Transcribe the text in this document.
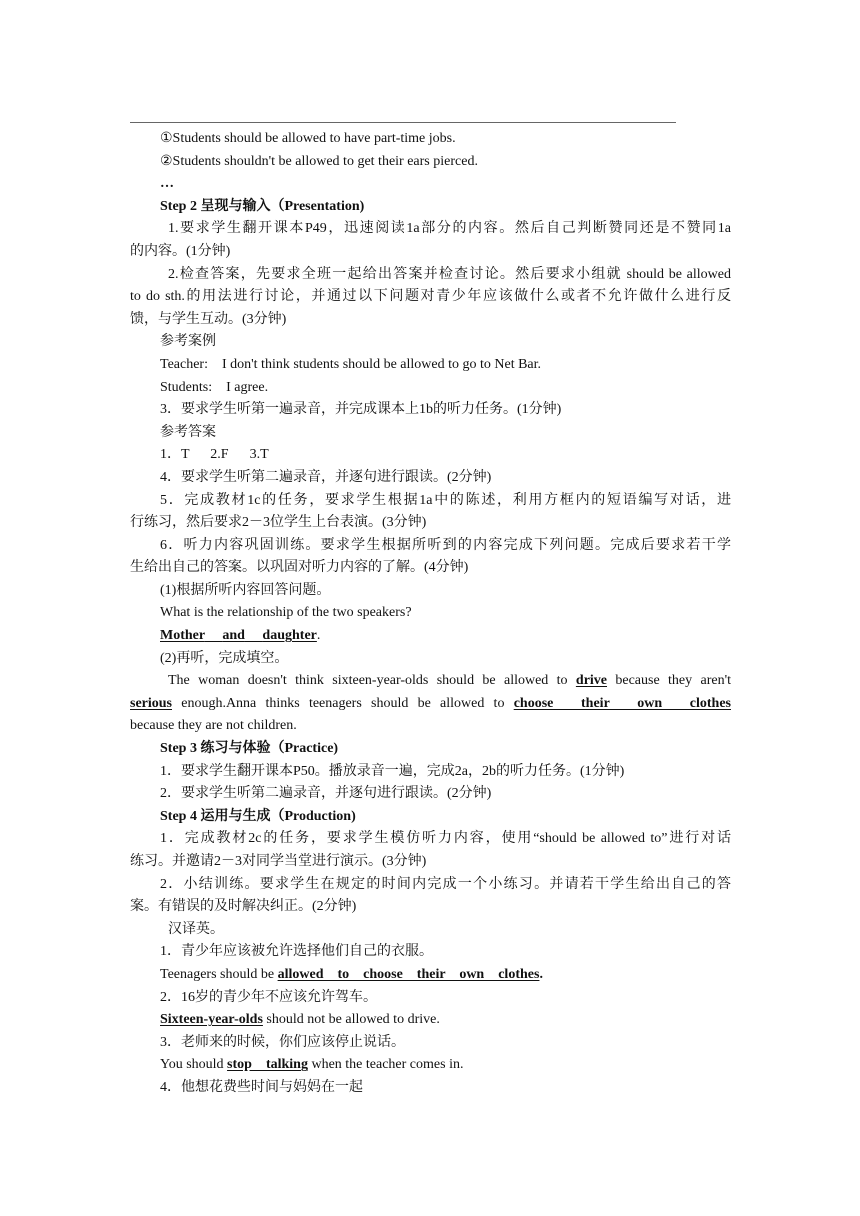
①Students should be allowed to have part-time jobs.

②Students shouldn't be allowed to get their ears pierced.

…

Step 2 呈现与输入（Presentation)

1.要求学生翻开课本P49，迅速阅读1a部分的内容。然后自己判断赞同还是不赞同1a

的内容。(1分钟)

2.检查答案，先要求全班一起给出答案并检查讨论。然后要求小组就 should be allowed

to do sth.的用法进行讨论，并通过以下问题对青少年应该做什么或者不允许做什么进行反

馈，与学生互动。(3分钟)

参考案例

Teacher:    I don't think students should be allowed to go to Net Bar.

Students:    I agree.

3．要求学生听第一遍录音，并完成课本上1b的听力任务。(1分钟)

参考答案

1．T      2.F      3.T

4．要求学生听第二遍录音，并逐句进行跟读。(2分钟)

5．完成教材1c的任务，要求学生根据1a中的陈述，利用方框内的短语编写对话，进

行练习，然后要求2－3位学生上台表演。(3分钟)

6．听力内容巩固训练。要求学生根据所听到的内容完成下列问题。完成后要求若干学

生给出自己的答案。以巩固对听力内容的了解。(4分钟)

(1)根据所听内容回答问题。

What is the relationship of the two speakers?

Mother and daughter.

(2)再听，完成填空。

The woman doesn't think sixteen-year-olds should be allowed to drive because they aren't

serious enough.Anna thinks teenagers should be allowed to choose   their   own   clothes

because they are not children.

Step 3 练习与体验（Practice)

1．要求学生翻开课本P50。播放录音一遍，完成2a，2b的听力任务。(1分钟)

2．要求学生听第二遍录音，并逐句进行跟读。(2分钟)

Step 4 运用与生成（Production)

1．完成教材2c的任务，要求学生模仿听力内容，使用“should be allowed to”进行对话

练习。并邀请2－3对同学当堂进行演示。(3分钟)

2．小结训练。要求学生在规定的时间内完成一个小练习。并请若干学生给出自己的答

案。有错误的及时解决纠正。(2分钟)

汉译英。

1．青少年应该被允许选择他们自己的衣服。

Teenagers should be allowed    to    choose    their    own    clothes.

2．16岁的青少年不应该允许驾车。

Sixteen-year-olds should not be allowed to drive.

3．老师来的时候，你们应该停止说话。

You should stop    talking when the teacher comes in.

4．他想花费些时间与妈妈在一起
